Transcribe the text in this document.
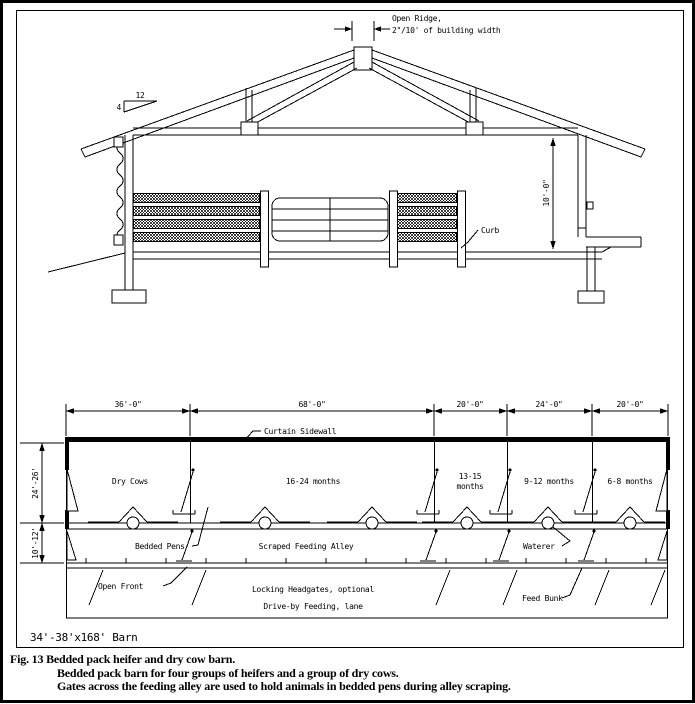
Open Ridge,
2"/10' of building width
12
4
10'-0"
Curb
36'-0"	68'-0"	20'-0"	24'-0"	20'-0"
Curtain Sidewall
24'-26'
10'-12'
Dry Cows	16-24 months
13-15
months
9-12 months	6-8 months
Bedded Pens	Scraped Feeding Alley	Waterer
Open Front	Locking Headgates, optional
Drive-by Feeding, lane
Feed Bunk
34'-38'x168' Barn
Fig. 13 Bedded pack heifer and dry cow barn.
Bedded pack barn for four groups of heifers and a group of dry cows.
Gates across the feeding alley are used to hold animals in bedded pens during alley scraping.
